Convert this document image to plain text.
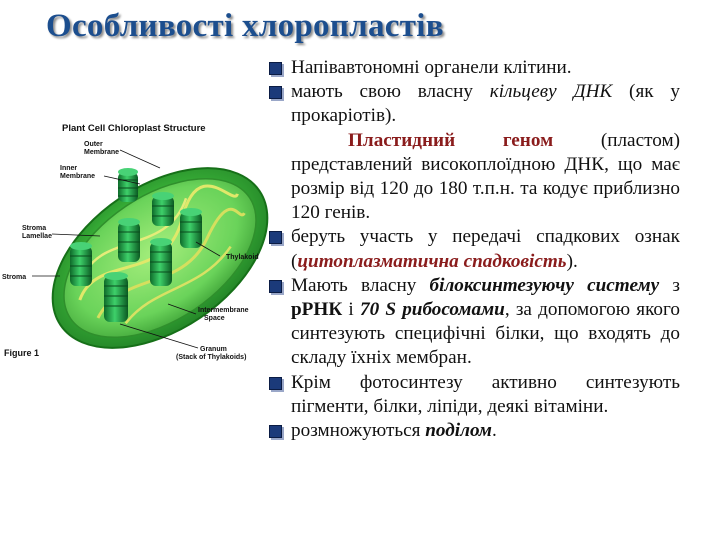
Особливості хлоропластів
Plant Cell Chloroplast Structure
Outer
Membrane
Inner
Membrane
Stroma
Lamellae
Stroma
Thylakoid
Intermembrane
Space
Figure 1	Granum
(Stack of Thylakoids)
Напівавтономні органели клітини.
мають свою власну кільцеву ДНК (як у прокаріотів).
Пластидний геном (пластом) представлений високоплоїдною ДНК, що має розмір від 120 до 180 т.п.н. та кодує приблизно 120 генів.
беруть участь у передачі спадкових ознак (цитоплазматична спадковість).
Мають власну білоксинтезуючу систему з рРНК і 70 S рибосомами, за допомогою якого синтезують специфічні білки, що входять до складу їхніх мембран.
Крім фотосинтезу активно синтезують пігменти, білки, ліпіди, деякі вітаміни.
розмножуються поділом.
